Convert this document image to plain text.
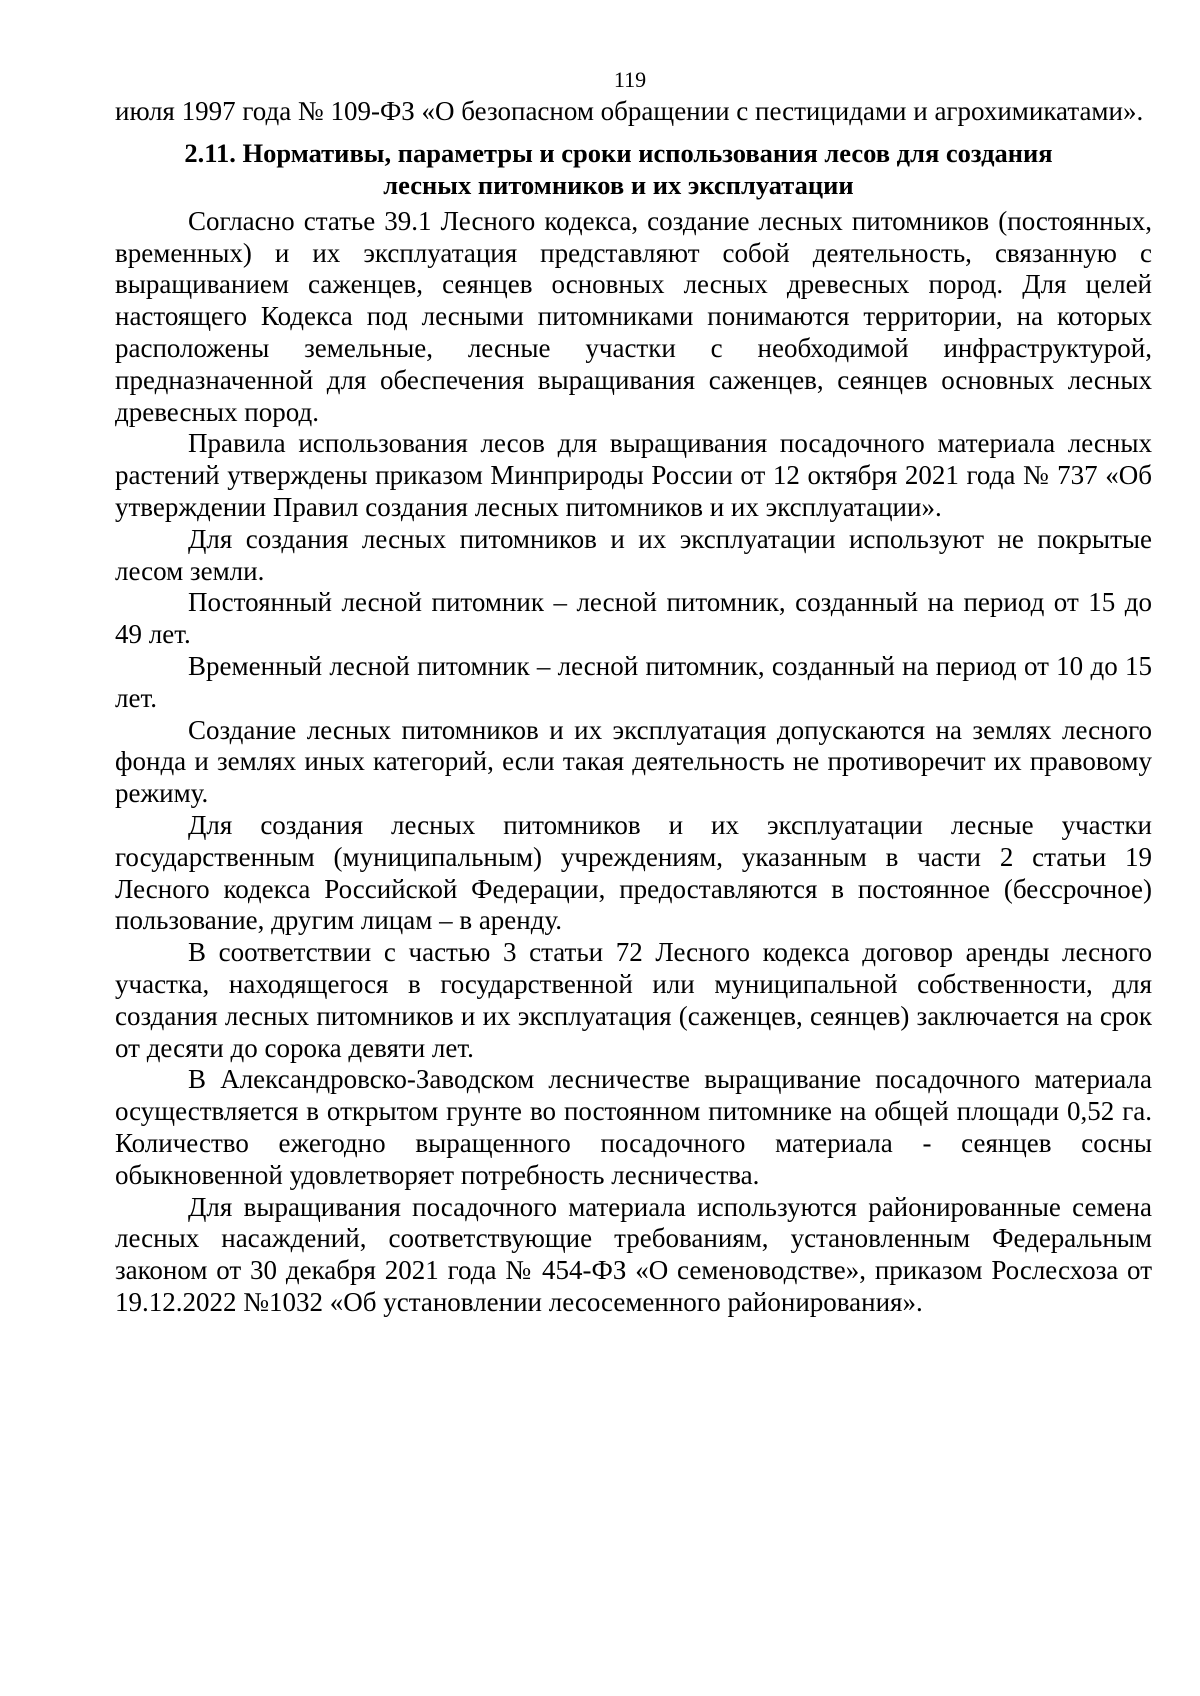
119

июля 1997 года № 109-ФЗ «О безопасном обращении с пестицидами и агрохимикатами».

2.11. Нормативы, параметры и сроки использования лесов для создания
лесных питомников и их эксплуатации

Согласно статье 39.1 Лесного кодекса, создание лесных питомников (постоянных, временных) и их эксплуатация представляют собой деятельность, связанную с выращиванием саженцев, сеянцев основных лесных древесных пород. Для целей настоящего Кодекса под лесными питомниками понимаются территории, на которых расположены земельные, лесные участки с необходимой инфраструктурой, предназначенной для обеспечения выращивания саженцев, сеянцев основных лесных древесных пород.

Правила использования лесов для выращивания посадочного материала лесных растений утверждены приказом Минприроды России от 12 октября 2021 года № 737 «Об утверждении Правил создания лесных питомников и их эксплуатации».

Для создания лесных питомников и их эксплуатации используют не покрытые лесом земли.

Постоянный лесной питомник – лесной питомник, созданный на период от 15 до 49 лет.

Временный лесной питомник – лесной питомник, созданный на период от 10 до 15 лет.

Создание лесных питомников и их эксплуатация допускаются на землях лесного фонда и землях иных категорий, если такая деятельность не противоречит их правовому режиму.

Для создания лесных питомников и их эксплуатации лесные участки государственным (муниципальным) учреждениям, указанным в части 2 статьи 19 Лесного кодекса Российской Федерации, предоставляются в постоянное (бессрочное) пользование, другим лицам – в аренду.

В соответствии с частью 3 статьи 72 Лесного кодекса договор аренды лесного участка, находящегося в государственной или муниципальной собственности, для создания лесных питомников и их эксплуатация (саженцев, сеянцев) заключается на срок от десяти до сорока девяти лет.

В Александровско-Заводском лесничестве выращивание посадочного материала осуществляется в открытом грунте во постоянном питомнике на общей площади 0,52 га. Количество ежегодно выращенного посадочного материала - сеянцев сосны обыкновенной удовлетворяет потребность лесничества.

Для выращивания посадочного материала используются районированные семена лесных насаждений, соответствующие требованиям, установленным Федеральным законом от 30 декабря 2021 года № 454-ФЗ «О семеноводстве», приказом Рослесхоза от 19.12.2022 №1032 «Об установлении лесосеменного районирования».
